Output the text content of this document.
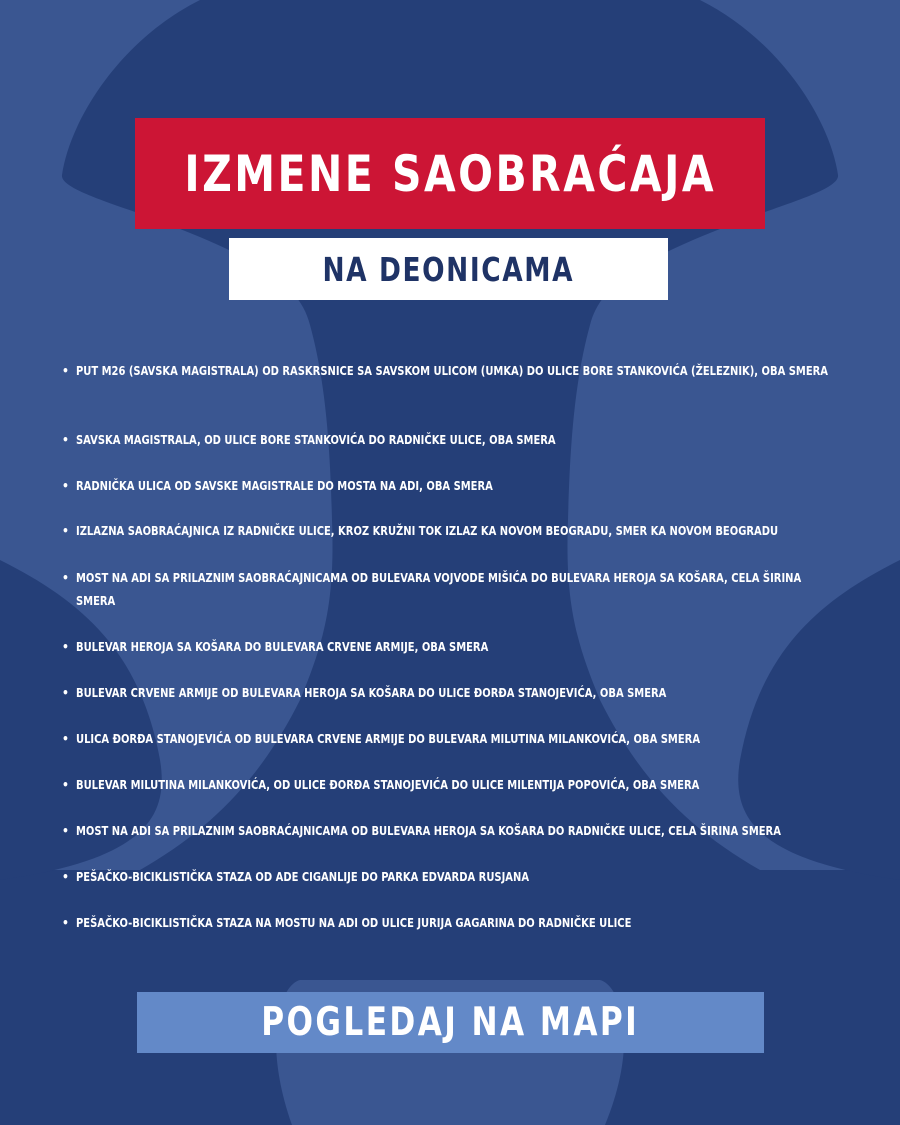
IZMENE SAOBRAĆAJA
NA DEONICAMA
• PUT M26 (SAVSKA MAGISTRALA) OD RASKRSNICE SA SAVSKOM ULICOM (UMKA) DO ULICE BORE STANKOVIĆA (ŽELEZNIK), OBA SMERA
• SAVSKA MAGISTRALA, OD ULICE BORE STANKOVIĆA DO RADNIČKE ULICE, OBA SMERA
• RADNIČKA ULICA OD SAVSKE MAGISTRALE DO MOSTA NA ADI, OBA SMERA
• IZLAZNA SAOBRAĆAJNICA IZ RADNIČKE ULICE, KROZ KRUŽNI TOK IZLAZ KA NOVOM BEOGRADU, SMER KA NOVOM BEOGRADU
• MOST NA ADI SA PRILAZNIM SAOBRAĆAJNICAMA OD BULEVARA VOJVODE MIŠIĆA DO BULEVARA HEROJA SA KOŠARA, CELA ŠIRINA SMERA
• BULEVAR HEROJA SA KOŠARA DO BULEVARA CRVENE ARMIJE, OBA SMERA
• BULEVAR CRVENE ARMIJE OD BULEVARA HEROJA SA KOŠARA DO ULICE ĐORĐA STANOJEVIĆA, OBA SMERA
• ULICA ĐORĐA STANOJEVIĆA OD BULEVARA CRVENE ARMIJE DO BULEVARA MILUTINA MILANKOVIĆA, OBA SMERA
• BULEVAR MILUTINA MILANKOVIĆA, OD ULICE ĐORĐA STANOJEVIĆA DO ULICE MILENTIJA POPOVIĆA, OBA SMERA
• MOST NA ADI SA PRILAZNIM SAOBRAĆAJNICAMA OD BULEVARA HEROJA SA KOŠARA DO RADNIČKE ULICE, CELA ŠIRINA SMERA
• PEŠAČKO-BICIKLISTIČKA STAZA OD ADE CIGANLIJE DO PARKA EDVARDA RUSJANA
• PEŠAČKO-BICIKLISTIČKA STAZA NA MOSTU NA ADI OD ULICE JURIJA GAGARINA DO RADNIČKE ULICE
POGLEDAJ NA MAPI
